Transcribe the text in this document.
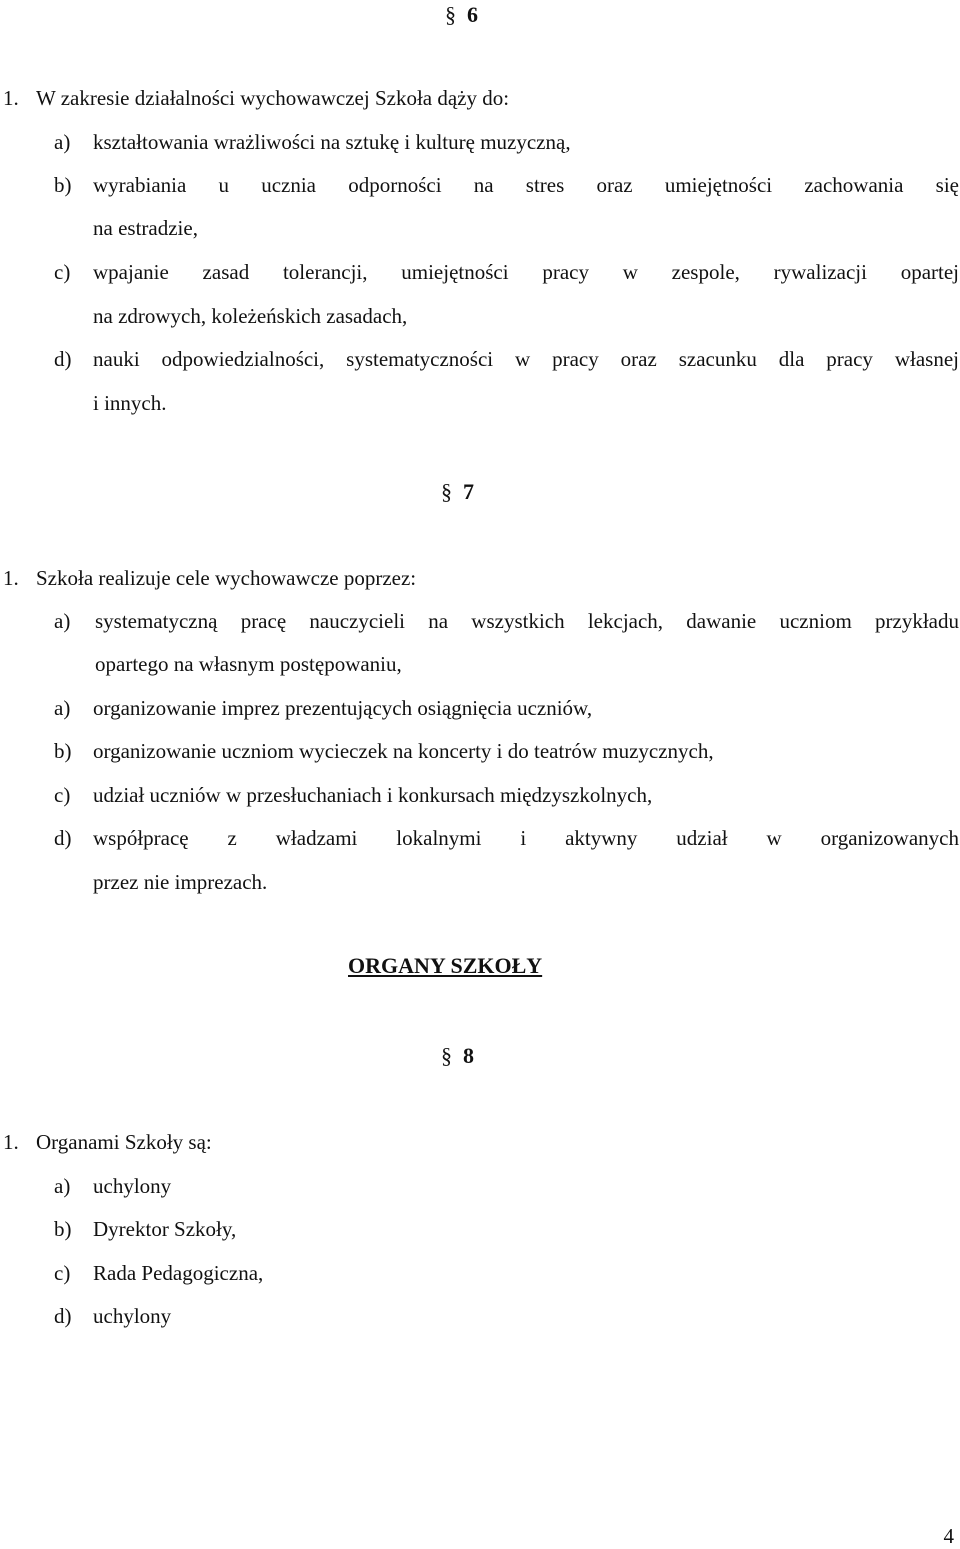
§ 6
1. W zakresie działalności wychowawczej Szkoła dąży do:
a) kształtowania wrażliwości na sztukę i kulturę muzyczną,
b) wyrabiania u ucznia odporności na stres oraz umiejętności zachowania się
na estradzie,
c) wpajanie zasad tolerancji, umiejętności pracy w zespole, rywalizacji opartej
na zdrowych, koleżeńskich zasadach,
d) nauki odpowiedzialności, systematyczności w pracy oraz szacunku dla pracy własnej
i innych.
§ 7
1. Szkoła realizuje cele wychowawcze poprzez:
a) systematyczną pracę nauczycieli na wszystkich lekcjach, dawanie uczniom przykładu
opartego na własnym postępowaniu,
a) organizowanie imprez prezentujących osiągnięcia uczniów,
b) organizowanie uczniom wycieczek na koncerty i do teatrów muzycznych,
c) udział uczniów w przesłuchaniach i konkursach międzyszkolnych,
d) współpracę z władzami lokalnymi i aktywny udział w organizowanych
przez nie imprezach.
ORGANY SZKOŁY
§ 8
1. Organami Szkoły są:
a) uchylony
b) Dyrektor Szkoły,
c) Rada Pedagogiczna,
d) uchylony
4
